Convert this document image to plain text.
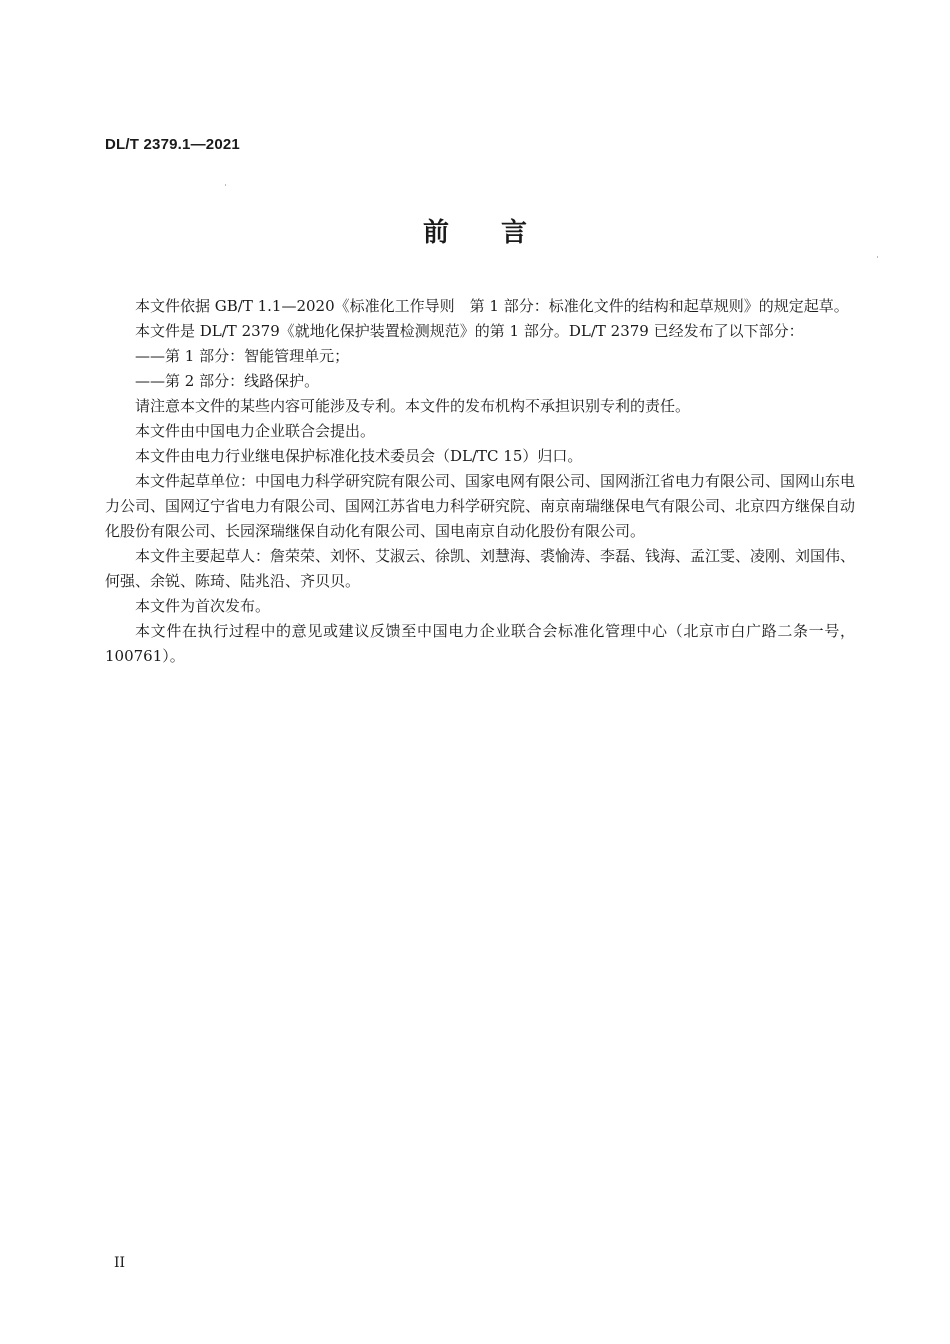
DL/T 2379.1—2021
前言

本文件依据 GB/T 1.1—2020《标准化工作导则　第 1 部分：标准化文件的结构和起草规则》的规定起草。

本文件是 DL/T 2379《就地化保护装置检测规范》的第 1 部分。DL/T 2379 已经发布了以下部分：

——第 1 部分：智能管理单元；

——第 2 部分：线路保护。

请注意本文件的某些内容可能涉及专利。本文件的发布机构不承担识别专利的责任。

本文件由中国电力企业联合会提出。

本文件由电力行业继电保护标准化技术委员会（DL/TC 15）归口。

本文件起草单位：中国电力科学研究院有限公司、国家电网有限公司、国网浙江省电力有限公司、国网山东电力公司、国网辽宁省电力有限公司、国网江苏省电力科学研究院、南京南瑞继保电气有限公司、北京四方继保自动化股份有限公司、长园深瑞继保自动化有限公司、国电南京自动化股份有限公司。

本文件主要起草人：詹荣荣、刘怀、艾淑云、徐凯、刘慧海、裘愉涛、李磊、钱海、孟江雯、凌刚、刘国伟、何强、余锐、陈琦、陆兆沿、齐贝贝。

本文件为首次发布。

本文件在执行过程中的意见或建议反馈至中国电力企业联合会标准化管理中心（北京市白广路二条一号，100761）。

II
